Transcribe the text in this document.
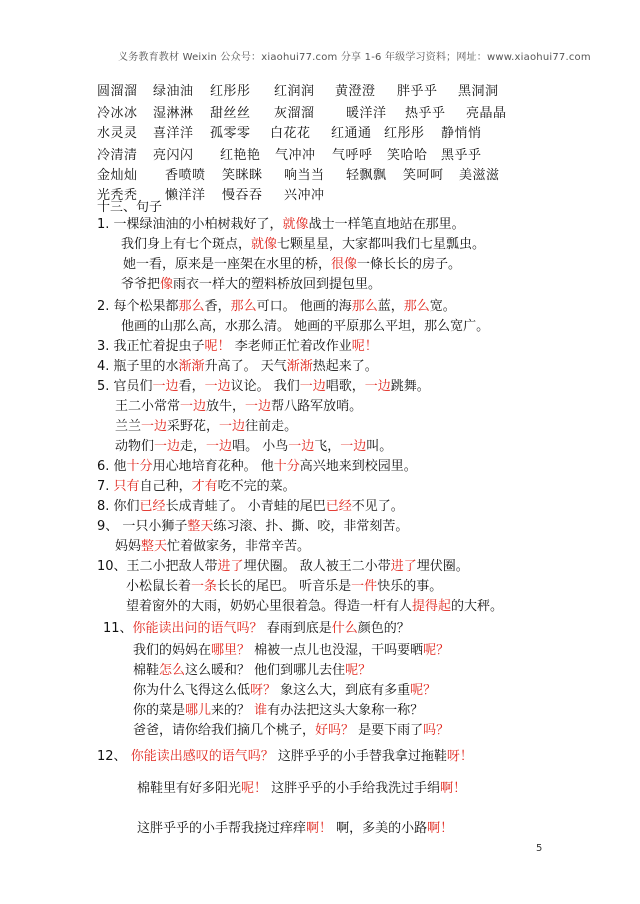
义务教育教材 Weixin 公众号：xiaohui77.com 分享 1-6 年级学习资料；网址：www.xiaohui77.com
圆溜溜 绿油油 红彤彤 红润润 黄澄澄 胖乎乎 黑洞洞
冷冰冰 湿淋淋 甜丝丝 灰溜溜 暖洋洋 热乎乎 亮晶晶
水灵灵 喜洋洋 孤零零 白花花 红通通 红彤彤 静悄悄
冷清清 亮闪闪 红艳艳 气冲冲 气呼呼 笑哈哈 黑乎乎
金灿灿 香喷喷 笑眯眯 响当当 轻飘飘 笑呵呵 美滋滋
光秃秃 懒洋洋 慢吞吞 兴冲冲
十三、句子
1. 一棵绿油油的小柏树栽好了，就像战士一样笔直地站在那里。
我们身上有七个斑点，就像七颗星星，大家都叫我们七星瓢虫。
她一看，原来是一座架在水里的桥，很像一條长长的房子。
爷爷把像雨衣一样大的塑料桥放回到提包里。
2. 每个松果都那么香，那么可口。 他画的海那么蓝，那么宽。
他画的山那么高，水那么清。 她画的平原那么平坦，那么宽广。
3. 我正忙着捉虫子呢！ 李老师正忙着改作业呢！
4. 瓶子里的水渐渐升高了。 天气渐渐热起来了。
5. 官员们一边看，一边议论。 我们一边唱歌，一边跳舞。
王二小常常一边放牛，一边帮八路军放哨。
兰兰一边采野花，一边往前走。
动物们一边走，一边唱。 小鸟一边飞，一边叫。
6. 他十分用心地培育花种。 他十分高兴地来到校园里。
7. 只有自己种，才有吃不完的菜。
8. 你们已经长成青蛙了。 小青蛙的尾巴已经不见了。
9、 一只小狮子整天练习滚、扑、撕、咬，非常刻苦。
妈妈整天忙着做家务，非常辛苦。
10、王二小把敌人带进了埋伏圈。 敌人被王二小带进了埋伏圈。
小松鼠长着一条长长的尾巴。 听音乐是一件快乐的事。
望着窗外的大雨，奶奶心里很着急。得造一杆有人提得起的大秤。
11、你能读出问的语气吗？ 春雨到底是什么颜色的？
我们的妈妈在哪里？ 棉被一点儿也没湿，干吗要晒呢？
棉鞋怎么这么暖和？ 他们到哪儿去住呢？
你为什么飞得这么低呀？ 象这么大，到底有多重呢？
你的菜是哪儿来的？ 谁有办法把这头大象称一称？
爸爸，请你给我们摘几个桃子，好吗？ 是要下雨了吗？
12、 你能读出感叹的语气吗？ 这胖乎乎的小手替我拿过拖鞋呀！
棉鞋里有好多阳光呢！ 这胖乎乎的小手给我洗过手绢啊！
这胖乎乎的小手帮我挠过痒痒啊！ 啊，多美的小路啊！
5
